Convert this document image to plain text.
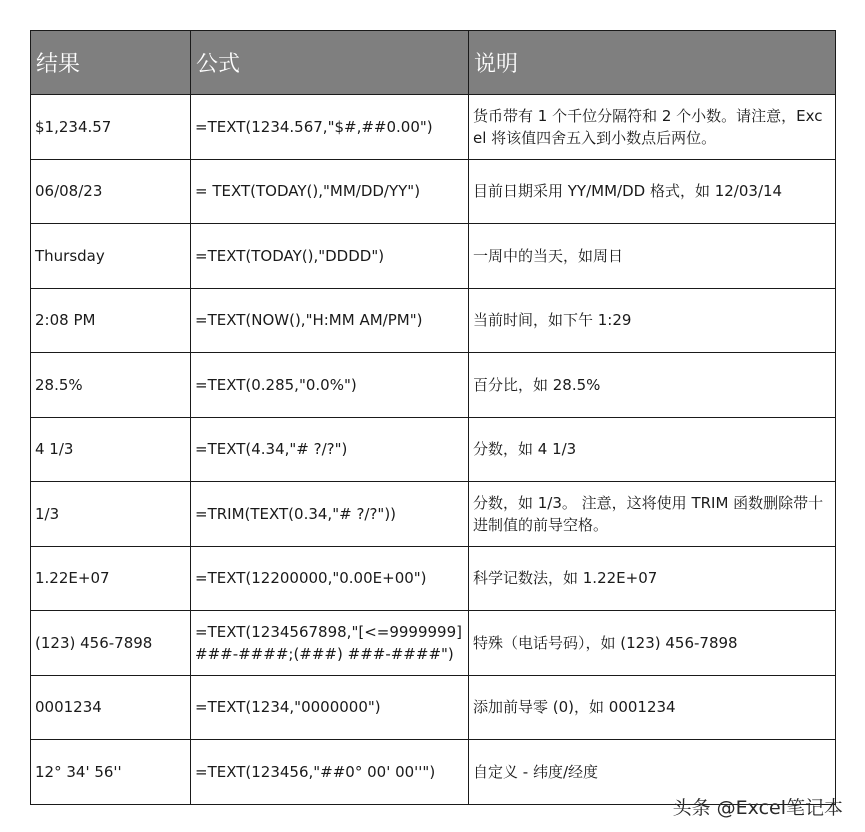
结果	公式	说明
$1,234.57	=TEXT(1234.567,"$#,##0.00")	货币带有 1 个千位分隔符和 2 个小数。请注意，Excel 将该值四舍五入到小数点后两位。
06/08/23	= TEXT(TODAY(),"MM/DD/YY")	目前日期采用 YY/MM/DD 格式，如 12/03/14
Thursday	=TEXT(TODAY(),"DDDD")	一周中的当天，如周日
2:08 PM	=TEXT(NOW(),"H:MM AM/PM")	当前时间，如下午 1:29
28.5%	=TEXT(0.285,"0.0%")	百分比，如 28.5%
4 1/3	=TEXT(4.34,"# ?/?")	分数，如 4 1/3
1/3	=TRIM(TEXT(0.34,"# ?/?"))	分数，如 1/3。 注意，这将使用 TRIM 函数删除带十进制值的前导空格。
1.22E+07	=TEXT(12200000,"0.00E+00")	科学记数法，如 1.22E+07
(123) 456-7898	=TEXT(1234567898,"[<=9999999]###-####;(###) ###-####")	特殊（电话号码），如 (123) 456-7898
0001234	=TEXT(1234,"0000000")	添加前导零 (0)，如 0001234
12° 34' 56''	=TEXT(123456,"##0° 00' 00''")	自定义 - 纬度/经度
头条 @Excel笔记本
